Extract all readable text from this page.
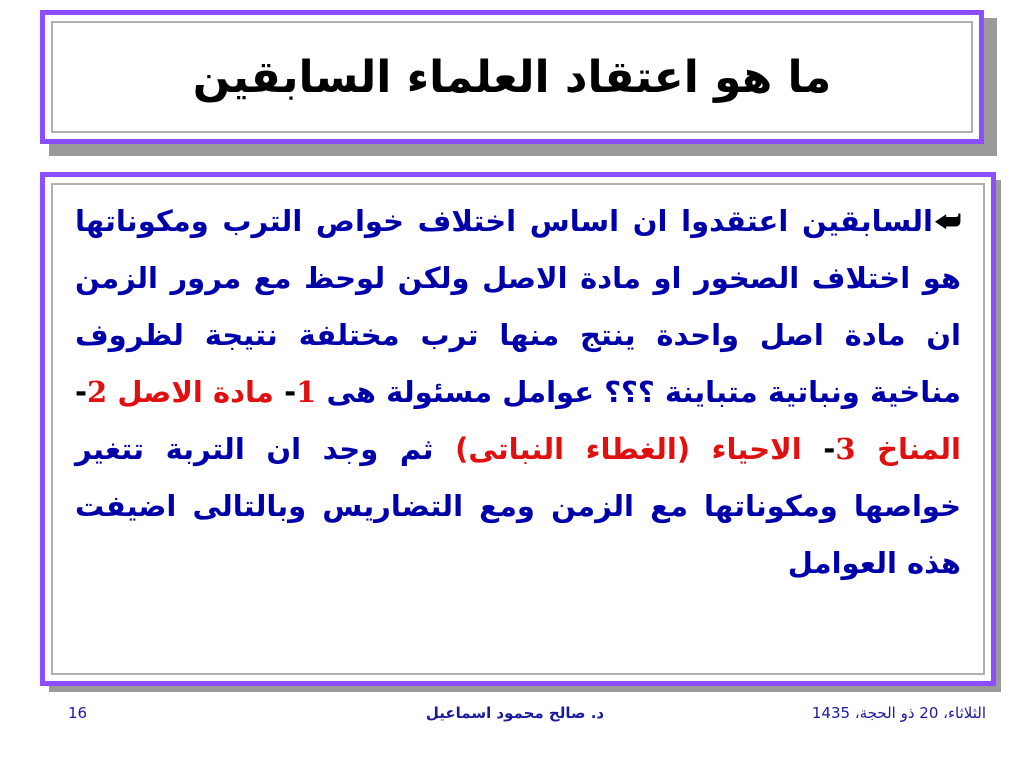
ما هو اعتقاد العلماء السابقين

⮨السابقين اعتقدوا ان اساس اختلاف خواص الترب ومكوناتها هو اختلاف الصخور او مادة الاصل ولكن لوحظ مع مرور الزمن ان مادة اصل واحدة ينتج منها ترب مختلفة نتيجة لظروف مناخية ونباتية متباينة ؟؟؟ عوامل مسئولة هى 1- مادة الاصل 2- المناخ 3- الاحياء (الغطاء النباتى) ثم وجد ان التربة تتغير خواصها ومكوناتها مع الزمن ومع التضاريس وبالتالى اضيفت هذه العوامل

الثلاثاء، 20 ذو الحجة، 1435
د. صالح محمود اسماعيل
16
